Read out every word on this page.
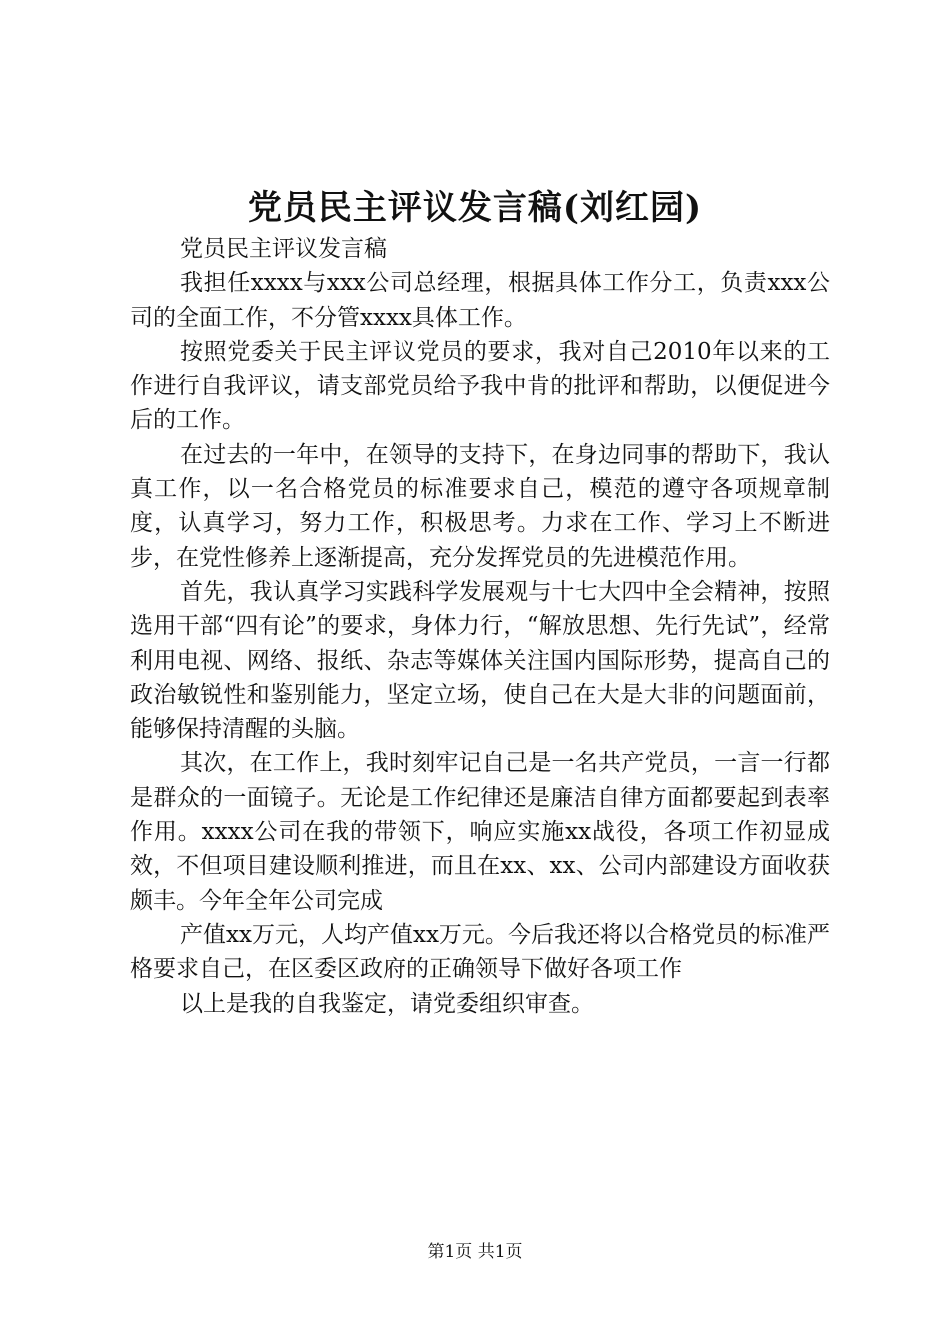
党员民主评议发言稿(刘红园)

党员民主评议发言稿

我担任xxxx与xxx公司总经理，根据具体工作分工，负责xxx公司的全面工作，不分管xxxx具体工作。

按照党委关于民主评议党员的要求，我对自己2010年以来的工作进行自我评议，请支部党员给予我中肯的批评和帮助，以便促进今后的工作。

在过去的一年中，在领导的支持下，在身边同事的帮助下，我认真工作，以一名合格党员的标准要求自己，模范的遵守各项规章制度，认真学习，努力工作，积极思考。力求在工作、学习上不断进步，在党性修养上逐渐提高，充分发挥党员的先进模范作用。

首先，我认真学习实践科学发展观与十七大四中全会精神，按照选用干部“四有论”的要求，身体力行，“解放思想、先行先试”，经常利用电视、网络、报纸、杂志等媒体关注国内国际形势，提高自己的政治敏锐性和鉴别能力，坚定立场，使自己在大是大非的问题面前，能够保持清醒的头脑。

其次，在工作上，我时刻牢记自己是一名共产党员，一言一行都是群众的一面镜子。无论是工作纪律还是廉洁自律方面都要起到表率作用。xxxx公司在我的带领下，响应实施xx战役，各项工作初显成效，不但项目建设顺利推进，而且在xx、xx、公司内部建设方面收获颇丰。今年全年公司完成

产值xx万元，人均产值xx万元。今后我还将以合格党员的标准严格要求自己，在区委区政府的正确领导下做好各项工作

以上是我的自我鉴定，请党委组织审查。

第1页 共1页
